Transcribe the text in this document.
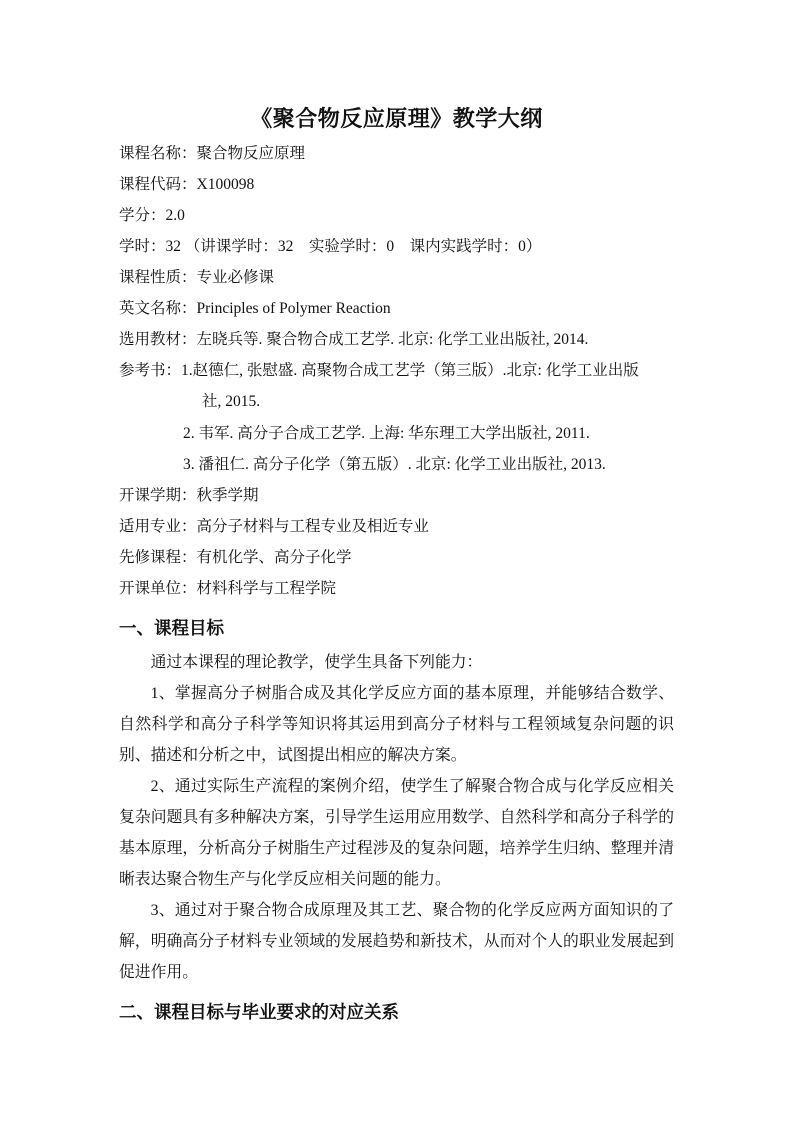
《聚合物反应原理》教学大纲
课程名称：聚合物反应原理
课程代码：X100098
学分：2.0
学时：32 （讲课学时：32　实验学时：0　课内实践学时：0）
课程性质：专业必修课
英文名称：Principles of Polymer Reaction
选用教材：左晓兵等. 聚合物合成工艺学. 北京: 化学工业出版社, 2014.
参考书：1.赵德仁, 张慰盛. 高聚物合成工艺学（第三版）.北京: 化学工业出版
社, 2015.
2. 韦军. 高分子合成工艺学. 上海: 华东理工大学出版社, 2011.
3. 潘祖仁. 高分子化学（第五版）. 北京: 化学工业出版社, 2013.
开课学期：秋季学期
适用专业：高分子材料与工程专业及相近专业
先修课程：有机化学、高分子化学
开课单位：材料科学与工程学院
一、课程目标
通过本课程的理论教学，使学生具备下列能力：
1、掌握高分子树脂合成及其化学反应方面的基本原理，并能够结合数学、自然科学和高分子科学等知识将其运用到高分子材料与工程领域复杂问题的识别、描述和分析之中，试图提出相应的解决方案。
2、通过实际生产流程的案例介绍，使学生了解聚合物合成与化学反应相关复杂问题具有多种解决方案，引导学生运用应用数学、自然科学和高分子科学的基本原理，分析高分子树脂生产过程涉及的复杂问题，培养学生归纳、整理并清晰表达聚合物生产与化学反应相关问题的能力。
3、通过对于聚合物合成原理及其工艺、聚合物的化学反应两方面知识的了解，明确高分子材料专业领域的发展趋势和新技术，从而对个人的职业发展起到促进作用。
二、课程目标与毕业要求的对应关系
